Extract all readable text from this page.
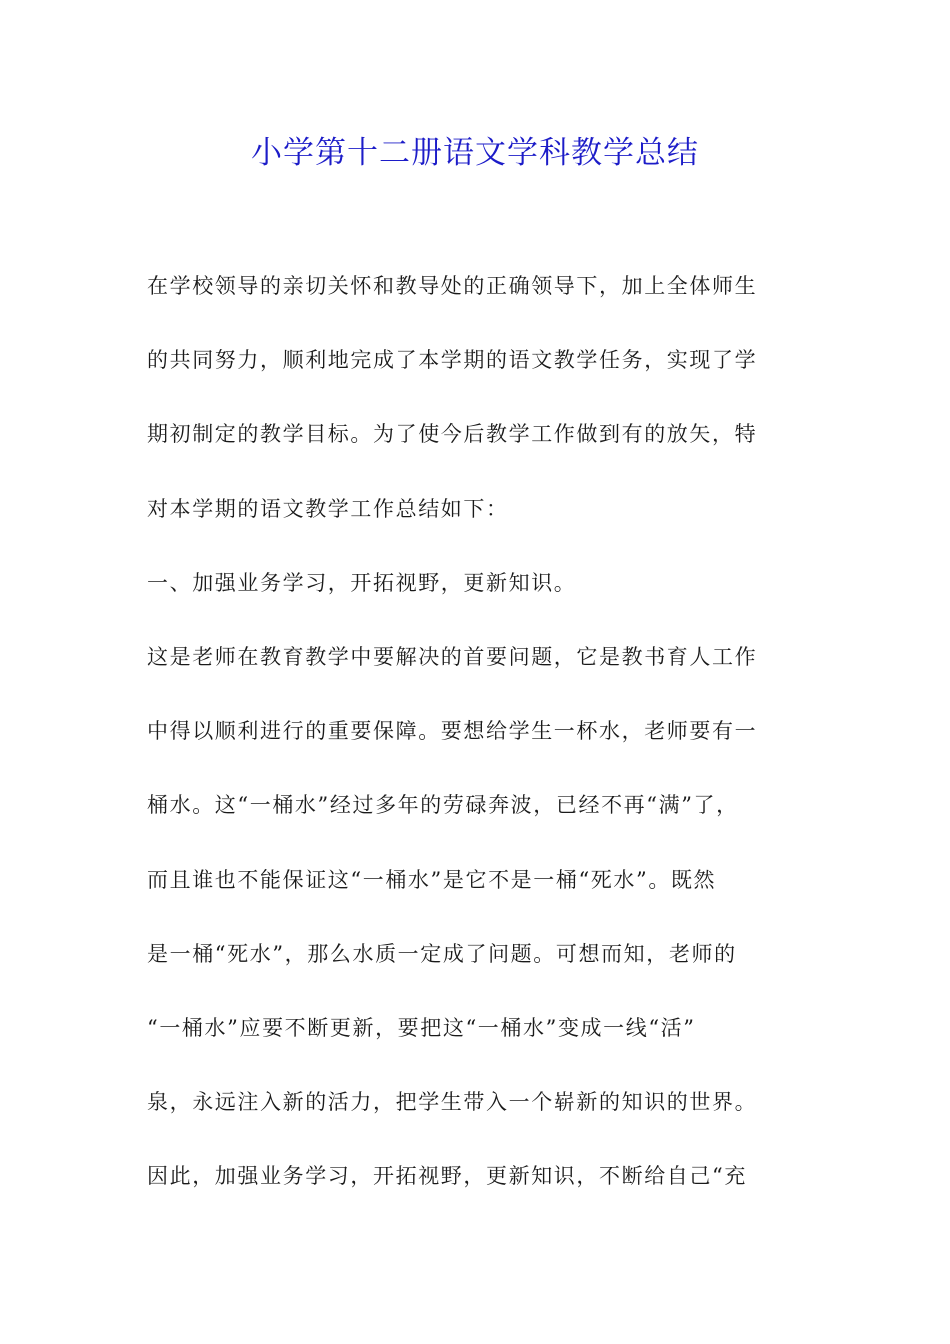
小学第十二册语文学科教学总结
在学校领导的亲切关怀和教导处的正确领导下，加上全体师生
的共同努力，顺利地完成了本学期的语文教学任务，实现了学
期初制定的教学目标。为了使今后教学工作做到有的放矢，特
对本学期的语文教学工作总结如下：
一、加强业务学习，开拓视野，更新知识。
这是老师在教育教学中要解决的首要问题，它是教书育人工作
中得以顺利进行的重要保障。要想给学生一杯水，老师要有一
桶水。这“一桶水”经过多年的劳碌奔波，已经不再“满”了，
而且谁也不能保证这“一桶水”是它不是一桶“死水”。既然
是一桶“死水”，那么水质一定成了问题。可想而知，老师的
“一桶水”应要不断更新，要把这“一桶水”变成一线“活”
泉，永远注入新的活力，把学生带入一个崭新的知识的世界。
因此，加强业务学习，开拓视野，更新知识，不断给自己“充
